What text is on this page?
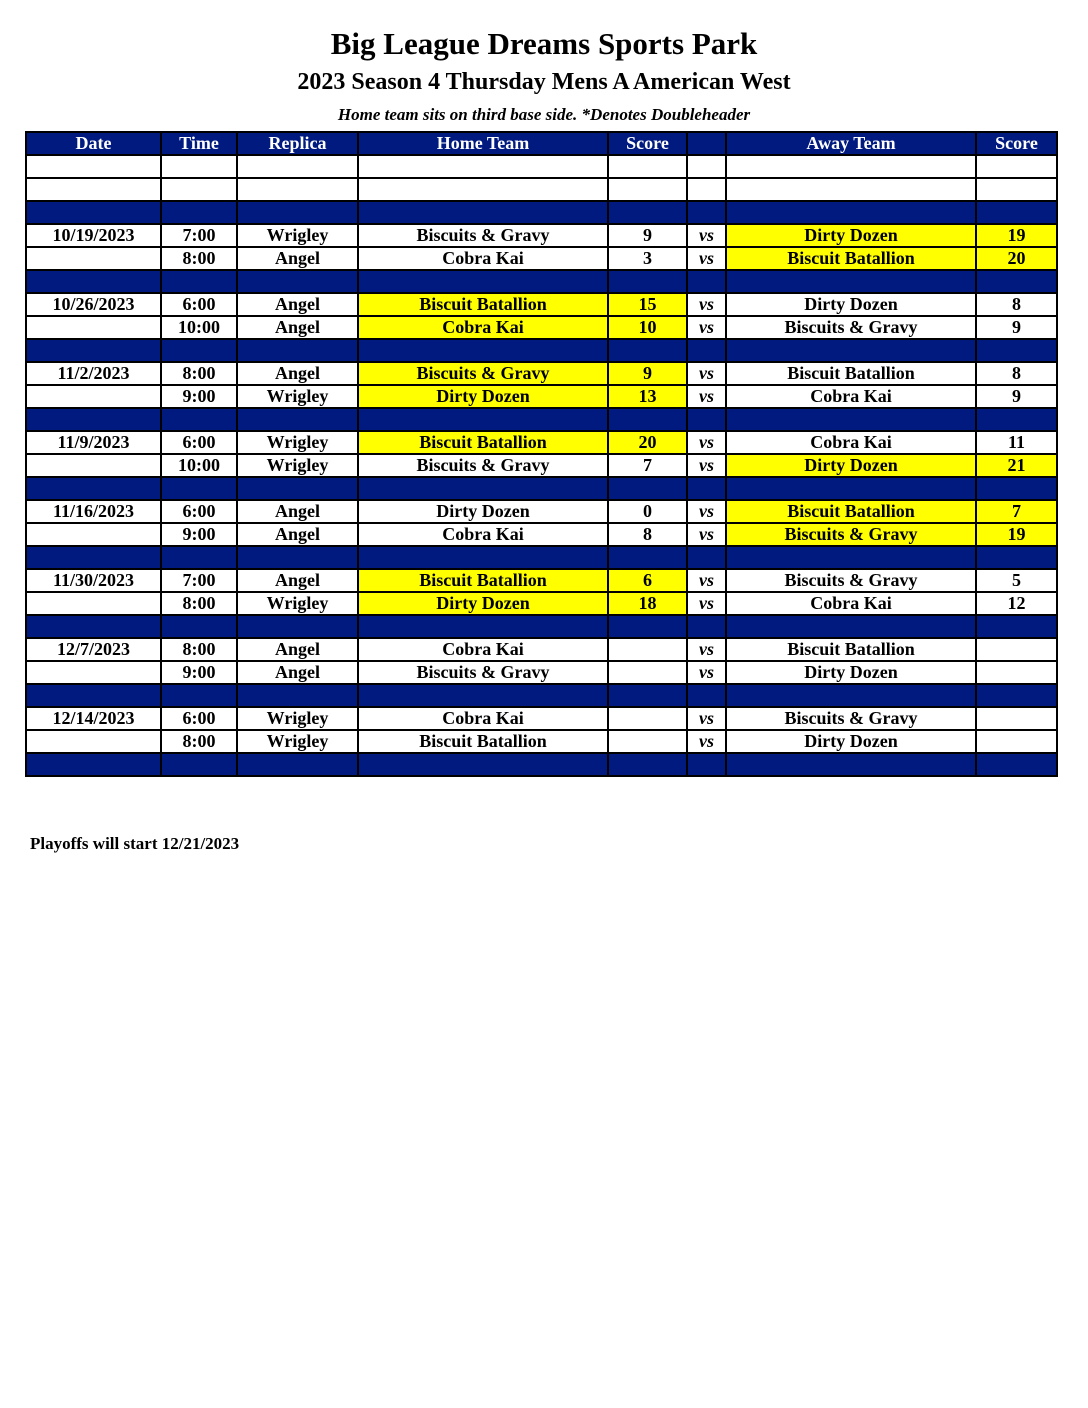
Big League Dreams Sports Park
2023 Season 4 Thursday Mens A American West
Home team sits on third base side. *Denotes Doubleheader
Date	Time	Replica	Home Team	Score		Away Team	Score

10/19/2023	7:00	Wrigley	Biscuits & Gravy	9	vs	Dirty Dozen	19
	8:00	Angel	Cobra Kai	3	vs	Biscuit Batallion	20

10/26/2023	6:00	Angel	Biscuit Batallion	15	vs	Dirty Dozen	8
	10:00	Angel	Cobra Kai	10	vs	Biscuits & Gravy	9

11/2/2023	8:00	Angel	Biscuits & Gravy	9	vs	Biscuit Batallion	8
	9:00	Wrigley	Dirty Dozen	13	vs	Cobra Kai	9

11/9/2023	6:00	Wrigley	Biscuit Batallion	20	vs	Cobra Kai	11
	10:00	Wrigley	Biscuits & Gravy	7	vs	Dirty Dozen	21

11/16/2023	6:00	Angel	Dirty Dozen	0	vs	Biscuit Batallion	7
	9:00	Angel	Cobra Kai	8	vs	Biscuits & Gravy	19

11/30/2023	7:00	Angel	Biscuit Batallion	6	vs	Biscuits & Gravy	5
	8:00	Wrigley	Dirty Dozen	18	vs	Cobra Kai	12

12/7/2023	8:00	Angel	Cobra Kai		vs	Biscuit Batallion	
	9:00	Angel	Biscuits & Gravy		vs	Dirty Dozen	

12/14/2023	6:00	Wrigley	Cobra Kai		vs	Biscuits & Gravy	
	8:00	Wrigley	Biscuit Batallion		vs	Dirty Dozen	

Playoffs will start 12/21/2023
